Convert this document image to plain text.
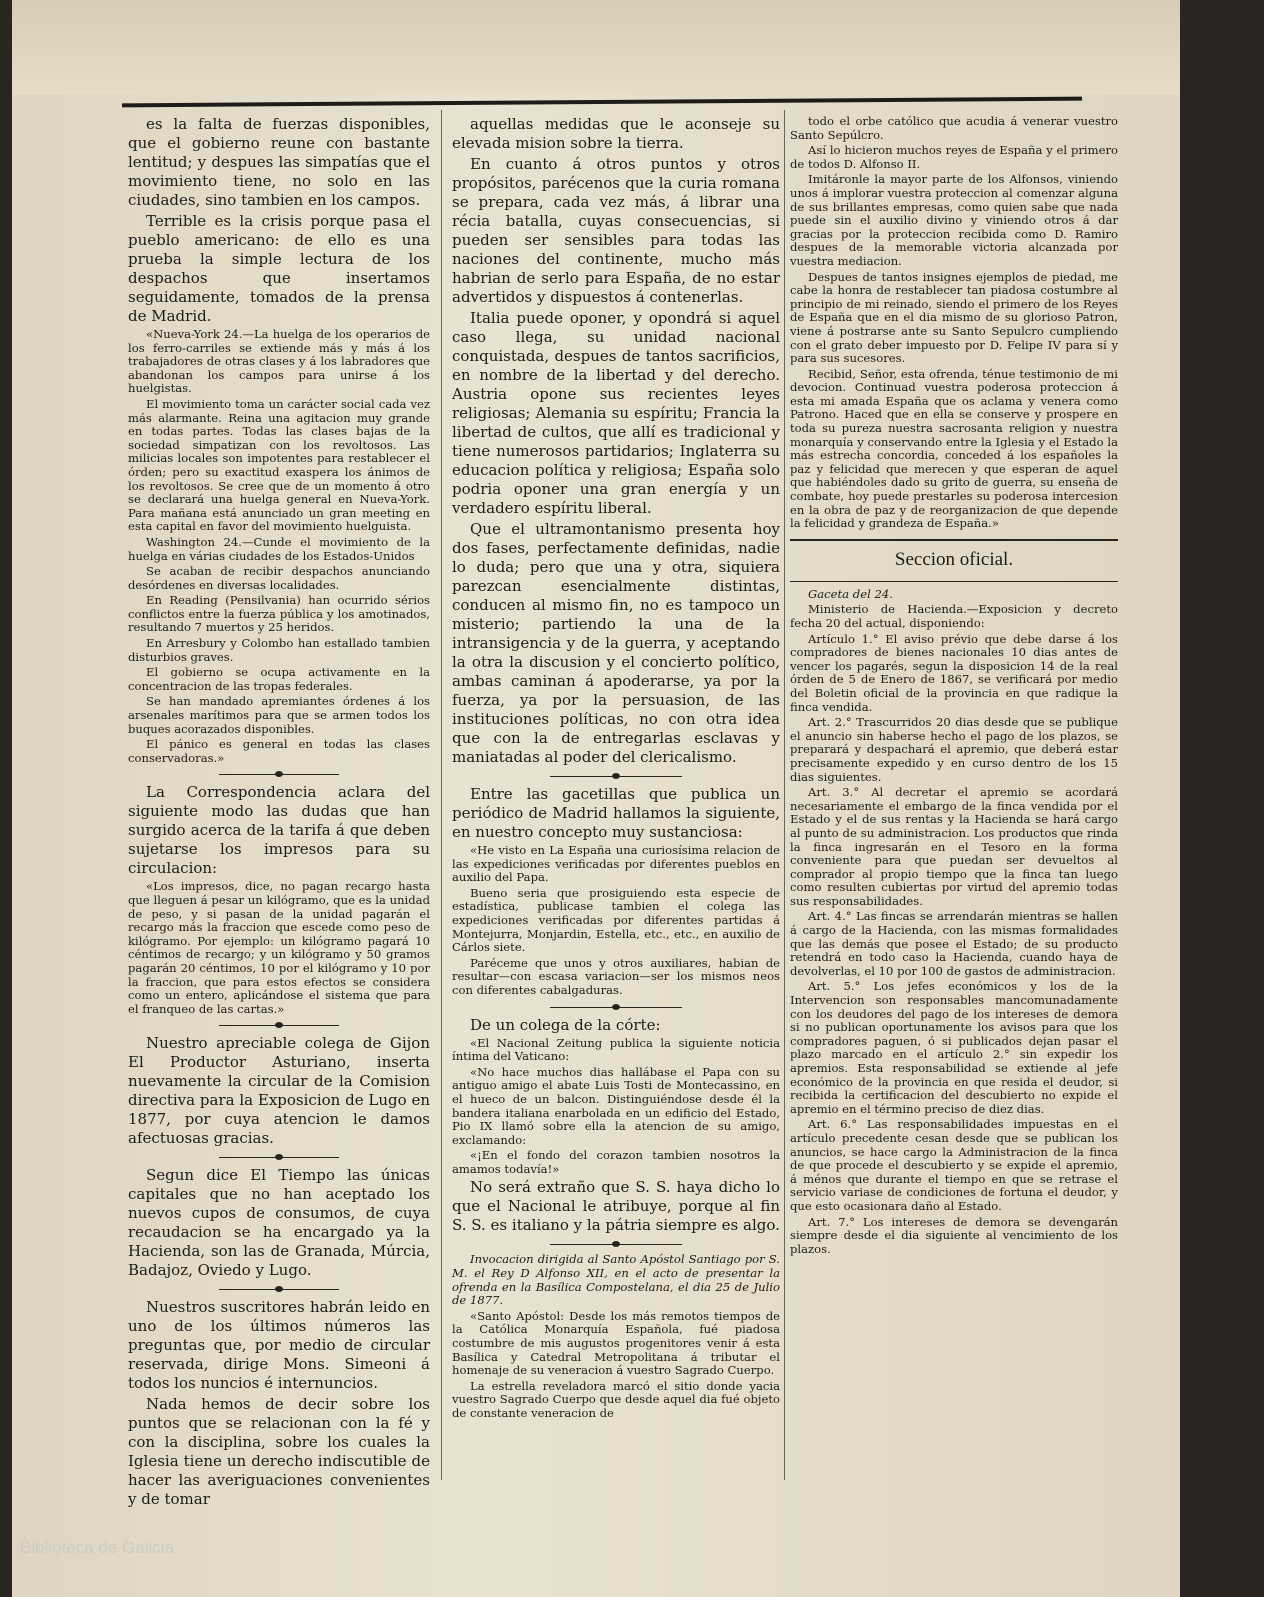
es la falta de fuerzas disponibles, que el gobierno reune con bastante lentitud; y despues las simpatías que el movimiento tiene, no solo en las ciudades, sino tambien en los campos.

Terrible es la crisis porque pasa el pueblo americano: de ello es una prueba la simple lectura de los despachos que insertamos seguidamente, tomados de la prensa de Madrid.

«Nueva-York 24.—La huelga de los operarios de los ferro-carriles se extiende más y más á los trabajadores de otras clases y á los labradores que abandonan los campos para unirse á los huelgistas.

El movimiento toma un carácter social cada vez más alarmante. Reina una agitacion muy grande en todas partes. Todas las clases bajas de la sociedad simpatizan con los revoltosos. Las milicias locales son impotentes para restablecer el órden; pero su exactitud exaspera los ánimos de los revoltosos. Se cree que de un momento á otro se declarará una huelga general en Nueva-York. Para mañana está anunciado un gran meeting en esta capital en favor del movimiento huelguista.

Washington 24.—Cunde el movimiento de la huelga en várias ciudades de los Estados-Unidos

Se acaban de recibir despachos anunciando desórdenes en diversas localidades.

En Reading (Pensilvania) han ocurrido sérios conflictos entre la fuerza pública y los amotinados, resultando 7 muertos y 25 heridos.

En Arresbury y Colombo han estallado tambien disturbios graves.

El gobierno se ocupa activamente en la concentracion de las tropas federales.

Se han mandado apremiantes órdenes á los arsenales marítimos para que se armen todos los buques acorazados disponibles.

El pánico es general en todas las clases conservadoras.»

La Correspondencia aclara del siguiente modo las dudas que han surgido acerca de la tarifa á que deben sujetarse los impresos para su circulacion:

«Los impresos, dice, no pagan recargo hasta que lleguen á pesar un kilógramo, que es la unidad de peso, y si pasan de la unidad pagarán el recargo más la fraccion que escede como peso de kilógramo. Por ejemplo: un kilógramo pagará 10 céntimos de recargo; y un kilógramo y 50 gramos pagarán 20 céntimos, 10 por el kilógramo y 10 por la fraccion, que para estos efectos se considera como un entero, aplicándose el sistema que para el franqueo de las cartas.»

Nuestro apreciable colega de Gijon El Productor Asturiano, inserta nuevamente la circular de la Comision directiva para la Exposicion de Lugo en 1877, por cuya atencion le damos afectuosas gracias.

Segun dice El Tiempo las únicas capitales que no han aceptado los nuevos cupos de consumos, de cuya recaudacion se ha encargado ya la Hacienda, son las de Granada, Múrcia, Badajoz, Oviedo y Lugo.

Nuestros suscritores habrán leido en uno de los últimos números las preguntas que, por medio de circular reservada, dirige Mons. Simeoni á todos los nuncios é internuncios.

Nada hemos de decir sobre los puntos que se relacionan con la fé y con la disciplina, sobre los cuales la Iglesia tiene un derecho indiscutible de hacer las averiguaciones convenientes y de tomar

aquellas medidas que le aconseje su elevada mision sobre la tierra.

En cuanto á otros puntos y otros propósitos, parécenos que la curia romana se prepara, cada vez más, á librar una récia batalla, cuyas consecuencias, si pueden ser sensibles para todas las naciones del continente, mucho más habrian de serlo para España, de no estar advertidos y dispuestos á contenerlas.

Italia puede oponer, y opondrá si aquel caso llega, su unidad nacional conquistada, despues de tantos sacrificios, en nombre de la libertad y del derecho. Austria opone sus recientes leyes religiosas; Alemania su espíritu; Francia la libertad de cultos, que allí es tradicional y tiene numerosos partidarios; Inglaterra su educacion política y religiosa; España solo podria oponer una gran energía y un verdadero espíritu liberal.

Que el ultramontanismo presenta hoy dos fases, perfectamente definidas, nadie lo duda; pero que una y otra, siquiera parezcan esencialmente distintas, conducen al mismo fin, no es tampoco un misterio; partiendo la una de la intransigencia y de la guerra, y aceptando la otra la discusion y el concierto político, ambas caminan á apoderarse, ya por la fuerza, ya por la persuasion, de las instituciones políticas, no con otra idea que con la de entregarlas esclavas y maniatadas al poder del clericalismo.

Entre las gacetillas que publica un periódico de Madrid hallamos la siguiente, en nuestro concepto muy sustanciosa:

«He visto en La España una curiosísima relacion de las expediciones verificadas por diferentes pueblos en auxilio del Papa.

Bueno seria que prosiguiendo esta especie de estadística, publicase tambien el colega las expediciones verificadas por diferentes partidas á Montejurra, Monjardin, Estella, etc., etc., en auxilio de Cárlos siete.

Paréceme que unos y otros auxiliares, habian de resultar—con escasa variacion—ser los mismos neos con diferentes cabalgaduras.

De un colega de la córte:

«El Nacional Zeitung publica la siguiente noticia íntima del Vaticano:

«No hace muchos dias hallábase el Papa con su antiguo amigo el abate Luis Tosti de Montecassino, en el hueco de un balcon. Distinguiéndose desde él la bandera italiana enarbolada en un edificio del Estado, Pio IX llamó sobre ella la atencion de su amigo, exclamando:

«¡En el fondo del corazon tambien nosotros la amamos todavía!»

No será extraño que S. S. haya dicho lo que el Nacional le atribuye, porque al fin S. S. es italiano y la pátria siempre es algo.

Invocacion dirigida al Santo Apóstol Santiago por S. M. el Rey D Alfonso XII, en el acto de presentar la ofrenda en la Basílica Compostelana, el dia 25 de Julio de 1877.

«Santo Apóstol: Desde los más remotos tiempos de la Católica Monarquía Española, fué piadosa costumbre de mis augustos progenitores venir á esta Basílica y Catedral Metropolitana á tributar el homenaje de su veneracion á vuestro Sagrado Cuerpo.

La estrella reveladora marcó el sitio donde yacia vuestro Sagrado Cuerpo que desde aquel dia fué objeto de constante veneracion de

todo el orbe católico que acudia á venerar vuestro Santo Sepúlcro.

Así lo hicieron muchos reyes de España y el primero de todos D. Alfonso II.

Imitáronle la mayor parte de los Alfonsos, viniendo unos á implorar vuestra proteccion al comenzar alguna de sus brillantes empresas, como quien sabe que nada puede sin el auxilio divino y viniendo otros á dar gracias por la proteccion recibida como D. Ramiro despues de la memorable victoria alcanzada por vuestra mediacion.

Despues de tantos insignes ejemplos de piedad, me cabe la honra de restablecer tan piadosa costumbre al principio de mi reinado, siendo el primero de los Reyes de España que en el dia mismo de su glorioso Patron, viene á postrarse ante su Santo Sepulcro cumpliendo con el grato deber impuesto por D. Felipe IV para sí y para sus sucesores.

Recibid, Señor, esta ofrenda, ténue testimonio de mi devocion. Continuad vuestra poderosa proteccion á esta mi amada España que os aclama y venera como Patrono. Haced que en ella se conserve y prospere en toda su pureza nuestra sacrosanta religion y nuestra monarquía y conservando entre la Iglesia y el Estado la más estrecha concordia, conceded á los españoles la paz y felicidad que merecen y que esperan de aquel que habiéndoles dado su grito de guerra, su enseña de combate, hoy puede prestarles su poderosa intercesion en la obra de paz y de reorganizacion de que depende la felicidad y grandeza de España.»

Seccion oficial.

Gaceta del 24.

Ministerio de Hacienda.—Exposicion y decreto fecha 20 del actual, disponiendo:

Artículo 1.° El aviso prévio que debe darse á los compradores de bienes nacionales 10 dias antes de vencer los pagarés, segun la disposicion 14 de la real órden de 5 de Enero de 1867, se verificará por medio del Boletin oficial de la provincia en que radique la finca vendida.

Art. 2.° Trascurridos 20 dias desde que se publique el anuncio sin haberse hecho el pago de los plazos, se preparará y despachará el apremio, que deberá estar precisamente expedido y en curso dentro de los 15 dias siguientes.

Art. 3.° Al decretar el apremio se acordará necesariamente el embargo de la finca vendida por el Estado y el de sus rentas y la Hacienda se hará cargo al punto de su administracion. Los productos que rinda la finca ingresarán en el Tesoro en la forma conveniente para que puedan ser devueltos al comprador al propio tiempo que la finca tan luego como resulten cubiertas por virtud del apremio todas sus responsabilidades.

Art. 4.° Las fincas se arrendarán mientras se hallen á cargo de la Hacienda, con las mismas formalidades que las demás que posee el Estado; de su producto retendrá en todo caso la Hacienda, cuando haya de devolverlas, el 10 por 100 de gastos de administracion.

Art. 5.° Los jefes económicos y los de la Intervencion son responsables mancomunadamente con los deudores del pago de los intereses de demora si no publican oportunamente los avisos para que los compradores paguen, ó si publicados dejan pasar el plazo marcado en el artículo 2.° sin expedir los apremios. Esta responsabilidad se extiende al jefe económico de la provincia en que resida el deudor, si recibida la certificacion del descubierto no expide el apremio en el término preciso de diez dias.

Art. 6.° Las responsabilidades impuestas en el artículo precedente cesan desde que se publican los anuncios, se hace cargo la Administracion de la finca de que procede el descubierto y se expide el apremio, á ménos que durante el tiempo en que se retrase el servicio variase de condiciones de fortuna el deudor, y que esto ocasionara daño al Estado.

Art. 7.° Los intereses de demora se devengarán siempre desde el dia siguiente al vencimiento de los plazos.

Biblioteca de Galicia
